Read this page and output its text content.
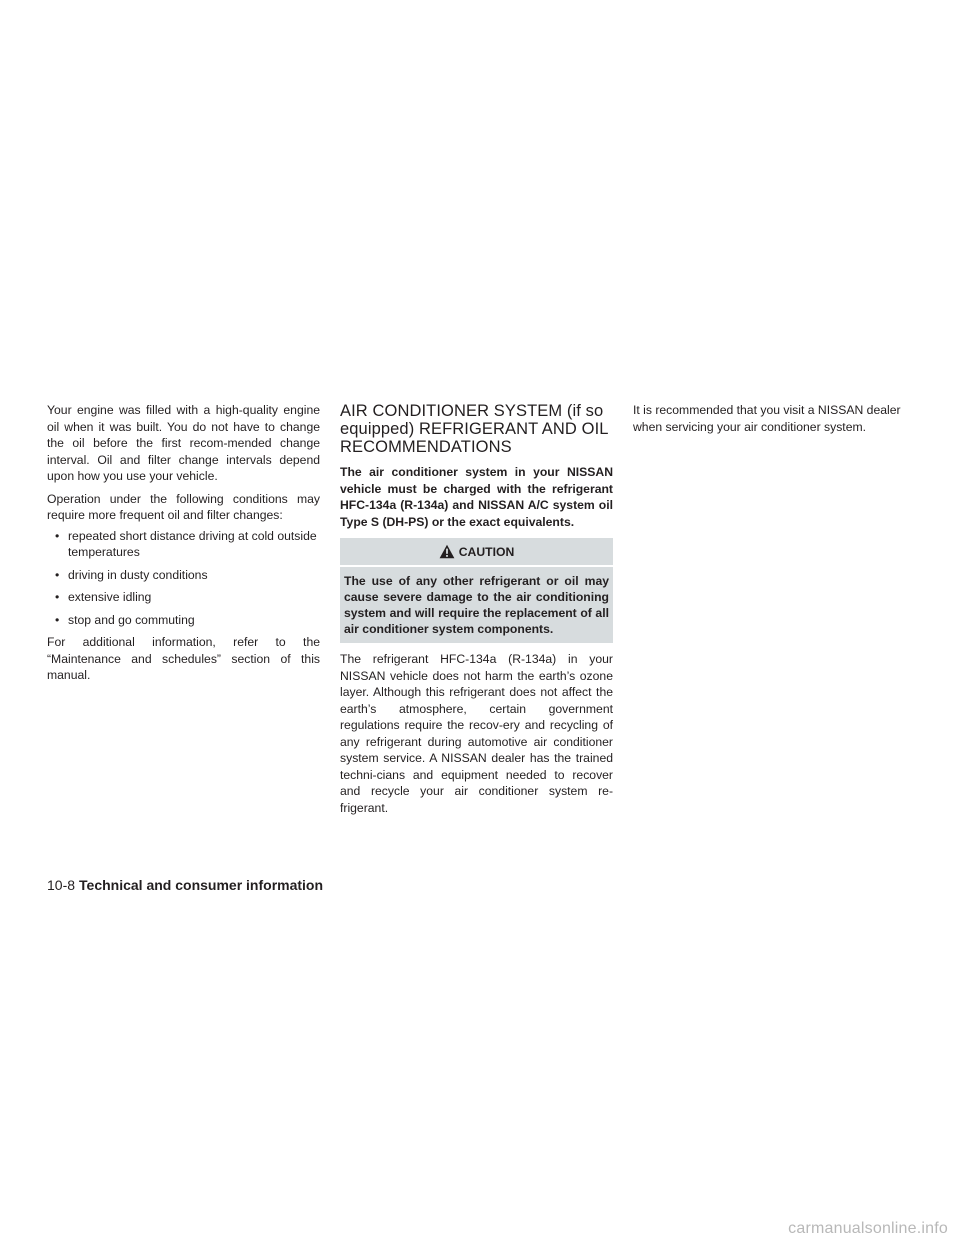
Your engine was filled with a high-quality engine oil when it was built. You do not have to change the oil before the first recom-mended change interval. Oil and filter change intervals depend upon how you use your vehicle.

Operation under the following conditions may require more frequent oil and filter changes:

• repeated short distance driving at cold outside temperatures
• driving in dusty conditions
• extensive idling
• stop and go commuting

For additional information, refer to the “Maintenance and schedules” section of this manual.

AIR CONDITIONER SYSTEM (if so equipped) REFRIGERANT AND OIL RECOMMENDATIONS

The air conditioner system in your NISSAN vehicle must be charged with the refrigerant HFC-134a (R-134a) and NISSAN A/C system oil Type S (DH-PS) or the exact equivalents.

CAUTION
The use of any other refrigerant or oil may cause severe damage to the air conditioning system and will require the replacement of all air conditioner system components.

The refrigerant HFC-134a (R-134a) in your NISSAN vehicle does not harm the earth’s ozone layer. Although this refrigerant does not affect the earth’s atmosphere, certain government regulations require the recov-ery and recycling of any refrigerant during automotive air conditioner system service. A NISSAN dealer has the trained techni-cians and equipment needed to recover and recycle your air conditioner system re-frigerant.

It is recommended that you visit a NISSAN dealer when servicing your air conditioner system.

10-8 Technical and consumer information
carmanualsonline.info
